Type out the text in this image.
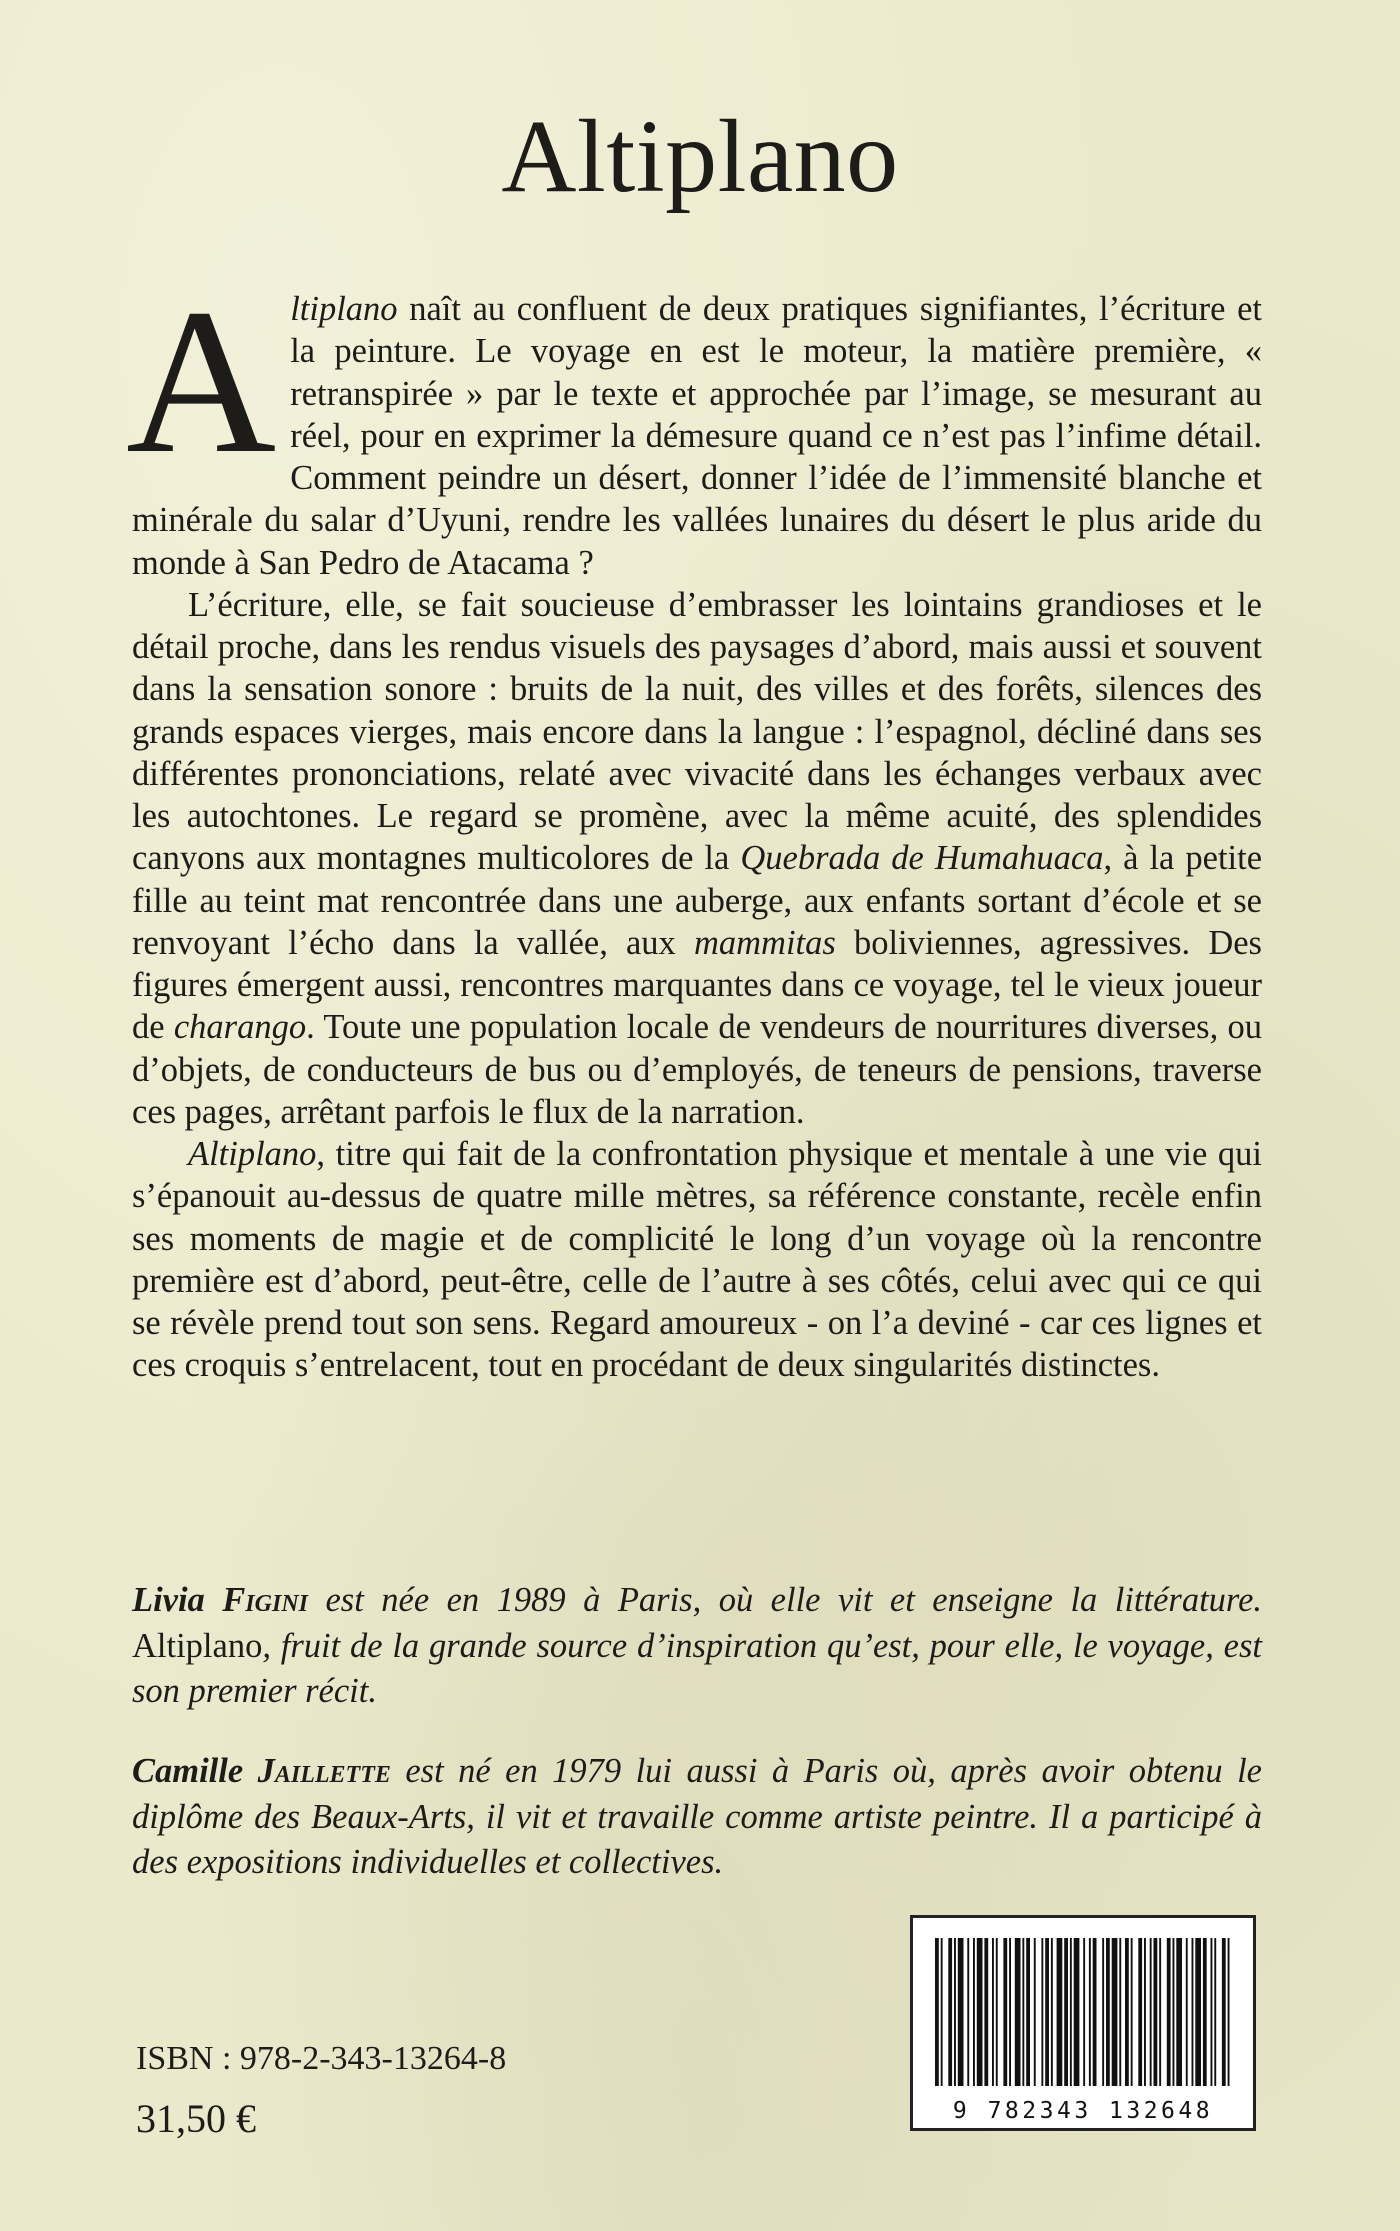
Altiplano

Altiplano naît au confluent de deux pratiques signifiantes, l’écriture et la peinture. Le voyage en est le moteur, la matière première, « retranspirée » par le texte et approchée par l’image, se mesurant au réel, pour en exprimer la démesure quand ce n’est pas l’infime détail. Comment peindre un désert, donner l’idée de l’immensité blanche et minérale du salar d’Uyuni, rendre les vallées lunaires du désert le plus aride du monde à San Pedro de Atacama ?

L’écriture, elle, se fait soucieuse d’embrasser les lointains grandioses et le détail proche, dans les rendus visuels des paysages d’abord, mais aussi et souvent dans la sensation sonore : bruits de la nuit, des villes et des forêts, silences des grands espaces vierges, mais encore dans la langue : l’espagnol, décliné dans ses différentes prononciations, relaté avec vivacité dans les échanges verbaux avec les autochtones. Le regard se promène, avec la même acuité, des splendides canyons aux montagnes multicolores de la Quebrada de Humahuaca, à la petite fille au teint mat rencontrée dans une auberge, aux enfants sortant d’école et se renvoyant l’écho dans la vallée, aux mammitas boliviennes, agressives. Des figures émergent aussi, rencontres marquantes dans ce voyage, tel le vieux joueur de charango. Toute une population locale de vendeurs de nourritures diverses, ou d’objets, de conducteurs de bus ou d’employés, de teneurs de pensions, traverse ces pages, arrêtant parfois le flux de la narration.

Altiplano, titre qui fait de la confrontation physique et mentale à une vie qui s’épanouit au-dessus de quatre mille mètres, sa référence constante, recèle enfin ses moments de magie et de complicité le long d’un voyage où la rencontre première est d’abord, peut-être, celle de l’autre à ses côtés, celui avec qui ce qui se révèle prend tout son sens. Regard amoureux - on l’a deviné - car ces lignes et ces croquis s’entrelacent, tout en procédant de deux singularités distinctes.

Livia Figini est née en 1989 à Paris, où elle vit et enseigne la littérature. Altiplano, fruit de la grande source d’inspiration qu’est, pour elle, le voyage, est son premier récit.

Camille Jaillette est né en 1979 lui aussi à Paris où, après avoir obtenu le diplôme des Beaux-Arts, il vit et travaille comme artiste peintre. Il a participé à des expositions individuelles et collectives.

ISBN : 978-2-343-13264-8

31,50 €	9 782343 132648
